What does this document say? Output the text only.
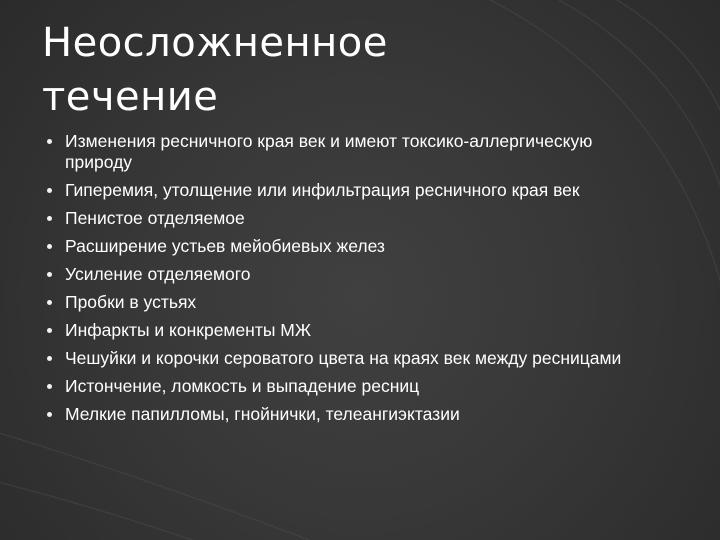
Неосложненное
течение
Изменения ресничного края век и имеют токсико-аллергическую природу
Гиперемия, утолщение или инфильтрация ресничного края век
Пенистое отделяемое
Расширение устьев мейобиевых желез
Усиление отделяемого
Пробки в устьях
Инфаркты и конкременты МЖ
Чешуйки и корочки сероватого цвета на краях век между ресницами
Истончение, ломкость и выпадение ресниц
Мелкие папилломы, гнойнички, телеангиэктазии
